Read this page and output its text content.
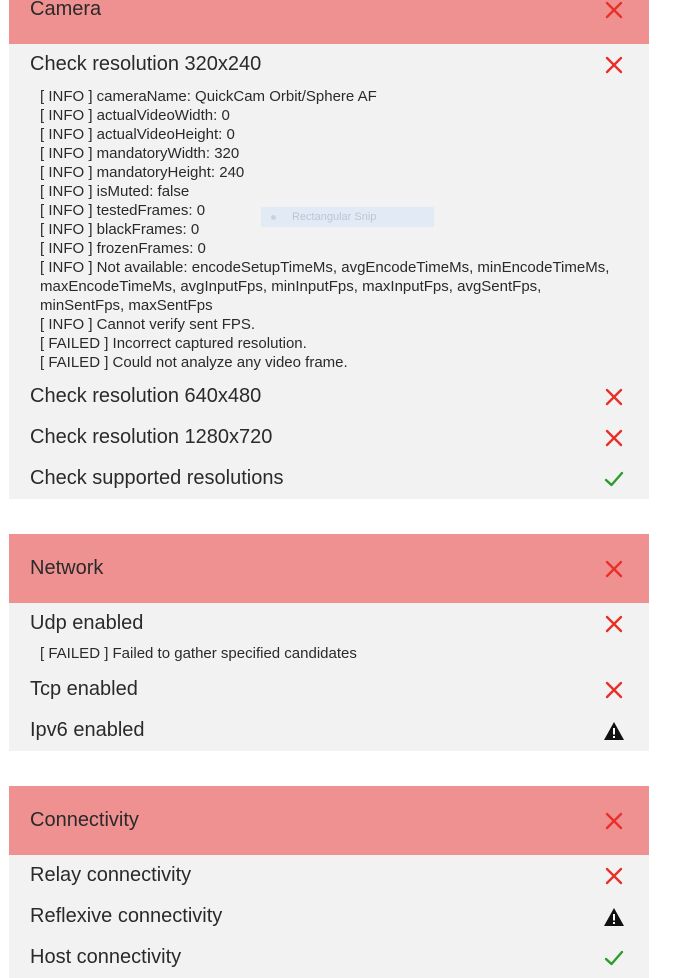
Camera
Check resolution 320x240
[ INFO ] cameraName: QuickCam Orbit/Sphere AF
[ INFO ] actualVideoWidth: 0
[ INFO ] actualVideoHeight: 0
[ INFO ] mandatoryWidth: 320
[ INFO ] mandatoryHeight: 240
[ INFO ] isMuted: false
[ INFO ] testedFrames: 0
[ INFO ] blackFrames: 0
[ INFO ] frozenFrames: 0
[ INFO ] Not available: encodeSetupTimeMs, avgEncodeTimeMs, minEncodeTimeMs, maxEncodeTimeMs, avgInputFps, minInputFps, maxInputFps, avgSentFps, minSentFps, maxSentFps
[ INFO ] Cannot verify sent FPS.
[ FAILED ] Incorrect captured resolution.
[ FAILED ] Could not analyze any video frame.
Check resolution 640x480
Check resolution 1280x720
Check supported resolutions
Rectangular Snip
Network
Udp enabled
[ FAILED ] Failed to gather specified candidates
Tcp enabled
Ipv6 enabled
Connectivity
Relay connectivity
Reflexive connectivity
Host connectivity
